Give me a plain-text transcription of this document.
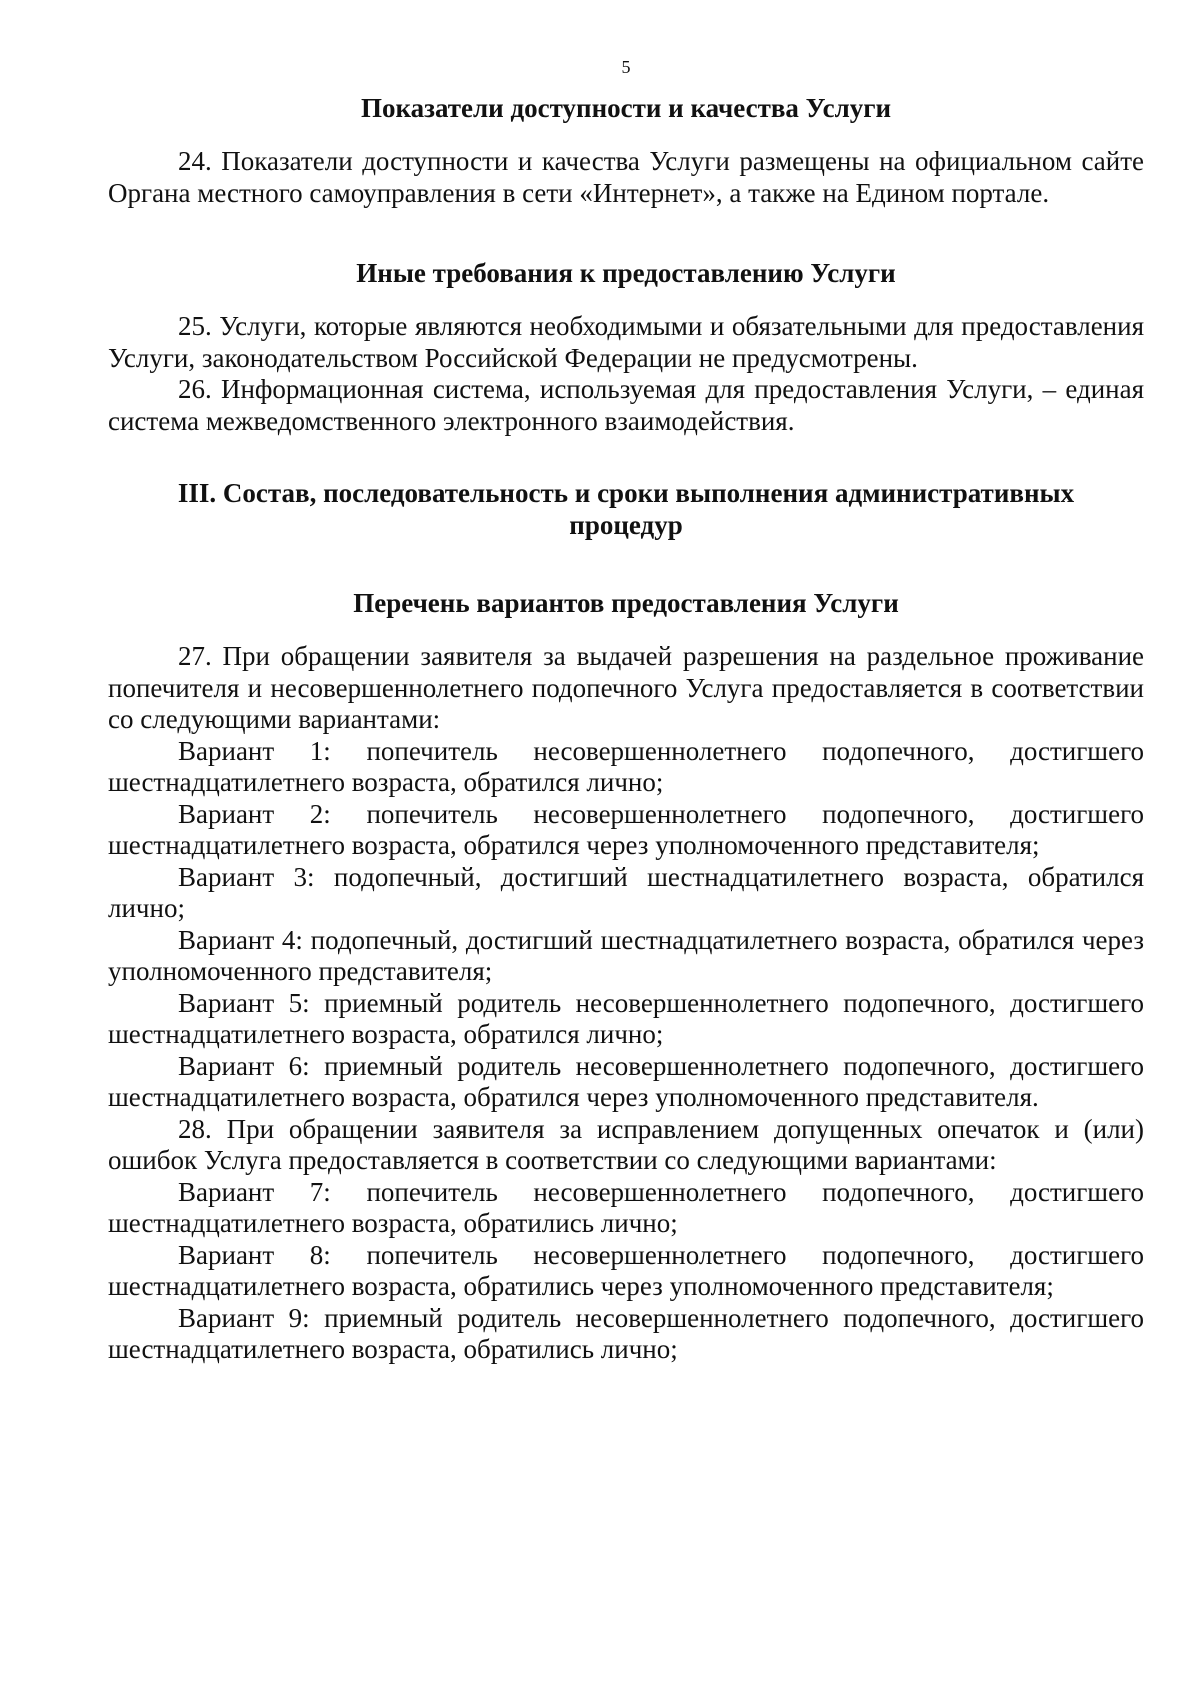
5
Показатели доступности и качества Услуги

24. Показатели доступности и качества Услуги размещены на официальном сайте Органа местного самоуправления в сети «Интернет», а также на Едином портале.

Иные требования к предоставлению Услуги

25. Услуги, которые являются необходимыми и обязательными для предоставления Услуги, законодательством Российской Федерации не предусмотрены.

26. Информационная система, используемая для предоставления Услуги, – единая система межведомственного электронного взаимодействия.

III. Состав, последовательность и сроки выполнения административных процедур
Перечень вариантов предоставления Услуги

27. При обращении заявителя за выдачей разрешения на раздельное проживание попечителя и несовершеннолетнего подопечного Услуга предоставляется в соответствии со следующими вариантами:

Вариант 1: попечитель несовершеннолетнего подопечного, достигшего шестнадцатилетнего возраста, обратился лично;

Вариант 2: попечитель несовершеннолетнего подопечного, достигшего шестнадцатилетнего возраста, обратился через уполномоченного представителя;

Вариант 3: подопечный, достигший шестнадцатилетнего возраста, обратился лично;

Вариант 4: подопечный, достигший шестнадцатилетнего возраста, обратился через уполномоченного представителя;

Вариант 5: приемный родитель несовершеннолетнего подопечного, достигшего шестнадцатилетнего возраста, обратился лично;

Вариант 6: приемный родитель несовершеннолетнего подопечного, достигшего шестнадцатилетнего возраста, обратился через уполномоченного представителя.

28. При обращении заявителя за исправлением допущенных опечаток и (или) ошибок Услуга предоставляется в соответствии со следующими вариантами:

Вариант 7: попечитель несовершеннолетнего подопечного, достигшего шестнадцатилетнего возраста, обратились лично;

Вариант 8: попечитель несовершеннолетнего подопечного, достигшего шестнадцатилетнего возраста, обратились через уполномоченного представителя;

Вариант 9: приемный родитель несовершеннолетнего подопечного, достигшего шестнадцатилетнего возраста, обратились лично;
